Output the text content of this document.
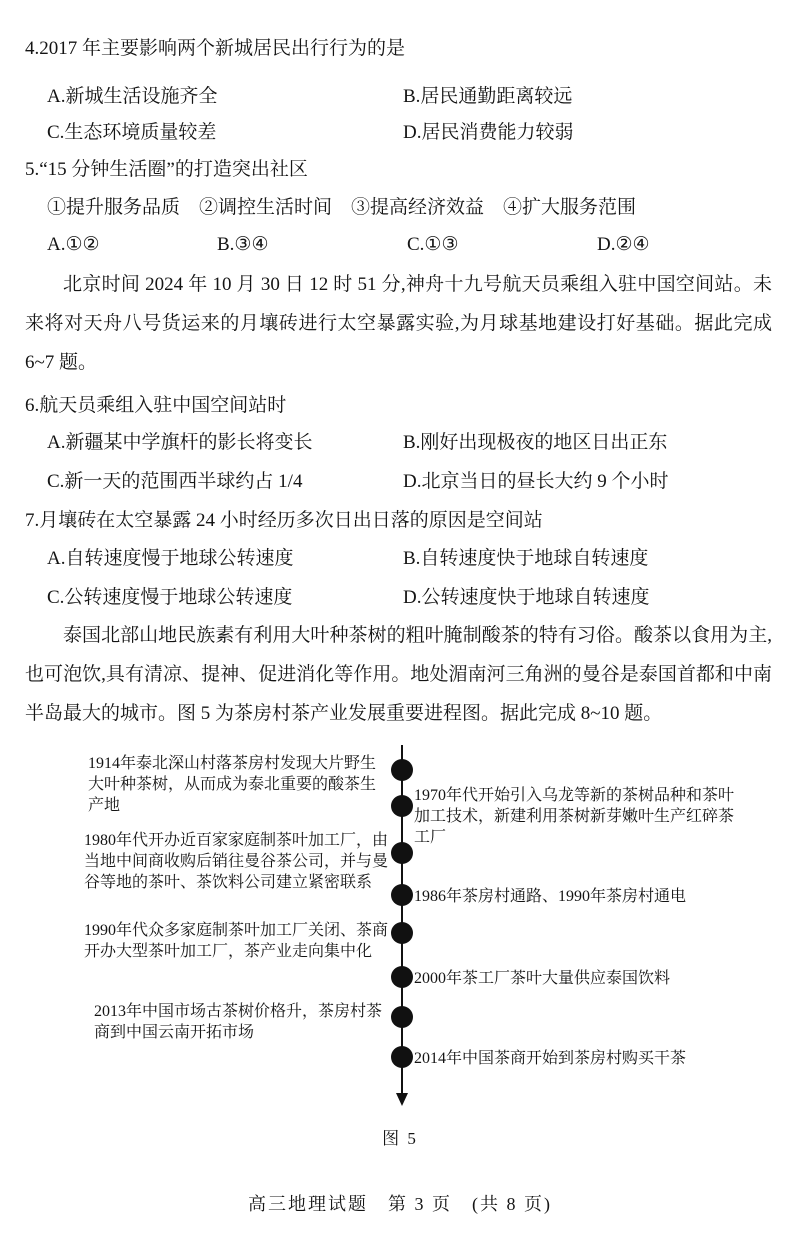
4.2017 年主要影响两个新城居民出行行为的是
A.新城生活设施齐全	B.居民通勤距离较远
C.生态环境质量较差	D.居民消费能力较弱
5.“15 分钟生活圈”的打造突出社区
①提升服务品质　②调控生活时间　③提高经济效益　④扩大服务范围
A.①②	B.③④	C.①③	D.②④
北京时间 2024 年 10 月 30 日 12 时 51 分,神舟十九号航天员乘组入驻中国空间站。未来将对天舟八号货运来的月壤砖进行太空暴露实验,为月球基地建设打好基础。据此完成 6~7 题。
6.航天员乘组入驻中国空间站时
A.新疆某中学旗杆的影长将变长	B.刚好出现极夜的地区日出正东
C.新一天的范围西半球约占 1/4	D.北京当日的昼长大约 9 个小时
7.月壤砖在太空暴露 24 小时经历多次日出日落的原因是空间站
A.自转速度慢于地球公转速度	B.自转速度快于地球自转速度
C.公转速度慢于地球公转速度	D.公转速度快于地球自转速度
泰国北部山地民族素有利用大叶种茶树的粗叶腌制酸茶的特有习俗。酸茶以食用为主,也可泡饮,具有清凉、提神、促进消化等作用。地处湄南河三角洲的曼谷是泰国首都和中南半岛最大的城市。图 5 为茶房村茶产业发展重要进程图。据此完成 8~10 题。
1914年泰北深山村落茶房村发现大片野生大叶种茶树，从而成为泰北重要的酸茶生产地
1970年代开始引入乌龙等新的茶树品种和茶叶加工技术，新建利用茶树新芽嫩叶生产红碎茶工厂
1980年代开办近百家家庭制茶叶加工厂，由当地中间商收购后销往曼谷茶公司，并与曼谷等地的茶叶、茶饮料公司建立紧密联系
1986年茶房村通路、1990年茶房村通电
1990年代众多家庭制茶叶加工厂关闭、茶商开办大型茶叶加工厂，茶产业走向集中化
2000年茶工厂茶叶大量供应泰国饮料
2013年中国市场古茶树价格升，茶房村茶商到中国云南开拓市场
2014年中国茶商开始到茶房村购买干茶
图 5
高三地理试题　第 3 页　(共 8 页)
